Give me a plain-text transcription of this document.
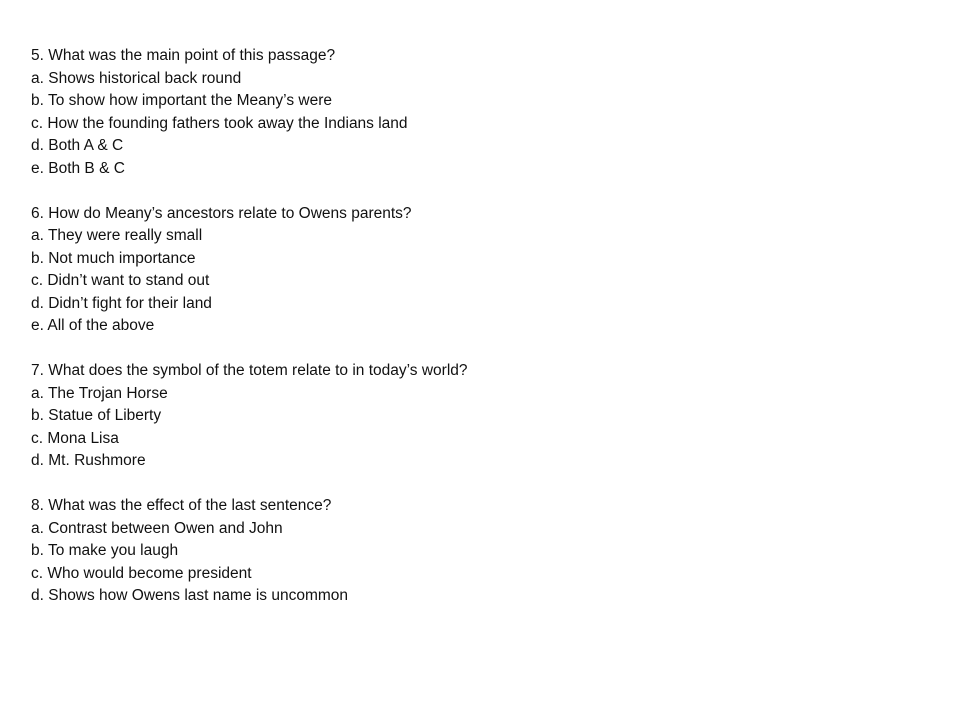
5. What was the main point of this passage?
a. Shows historical back round
b. To show how important the Meany’s were
c. How the founding fathers took away the Indians land
d. Both A & C
e. Both B & C
6. How do Meany’s ancestors relate to Owens parents?
a. They were really small
b. Not much importance
c. Didn’t want to stand out
d. Didn’t fight for their land
e. All of the above
7. What does the symbol of the totem relate to in today’s world?
a. The Trojan Horse
b. Statue of Liberty
c. Mona Lisa
d. Mt. Rushmore
8. What was the effect of the last sentence?
a. Contrast between Owen and John
b. To make you laugh
c. Who would become president
d. Shows how Owens last name is uncommon
